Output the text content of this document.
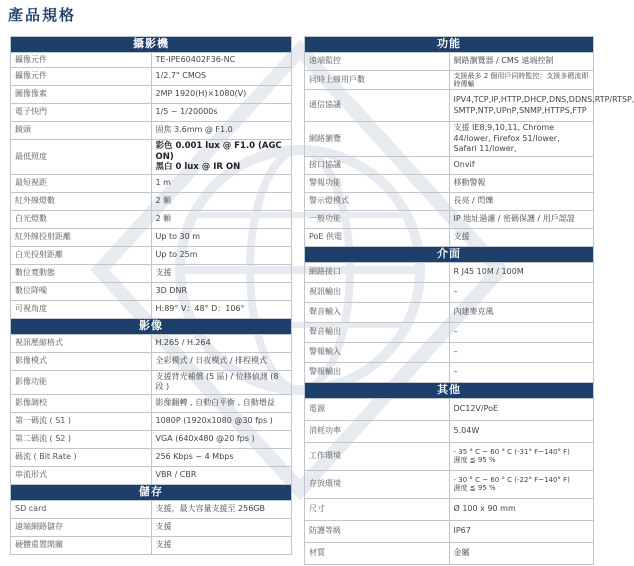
產品規格
攝影機	
攝像元件	TE-IPE60402F36-NC
攝像元件	1/2.7" CMOS
圖像像素	2MP 1920(H)×1080(V)
電子快門	1/5 ~ 1/20000s
鏡頭	固焦 3.6mm @ F1.0
最低照度	彩色 0.001 lux @ F1.0 (AGC ON)
黑白 0 lux @ IR ON

最短視距	1 m
紅外線燈數	2 顆
白光燈數	2 顆
紅外線投射距離	Up to 30 m
白光投射距離	Up to 25m
數位寬動態	支援
數位降噪	3D DNR
可視角度	H:89° V：48° D：106°
影像	
視訊壓縮格式	H.265 / H.264
影像模式	全彩模式 / 日夜模式 / 排程模式
影像功能	支援背光補償 (5 區) / 位移偵測 (8 段 )
影像調校	影像翻轉 , 自動白平衡 , 自動增益
第一碼流 ( S1 )	1080P (1920x1080 @30 fps )
第二碼流 ( S2 )	VGA (640x480 @20 fps )
碼流 ( Bit Rate )	256 Kbps ~ 4 Mbps
串流形式	VBR / CBR
儲存	
SD card	支援，最大容量支援至 256GB
遠端網路儲存	支援
硬體重置開關	支援
功能	
遠端監控	網路瀏覽器 / CMS 遠端控制
同時上線用戶數	支援最多 2 個用戶同時監控；支援多碼流即時傳輸
通信協議	IPV4,TCP,IP,HTTP,DHCP,DNS,DDNS,RTP/RTSP,
SMTP,NTP,UPnP,SNMP,HTTPS,FTP

網路瀏覽	支援 IE8,9,10,11, Chrome 44/lower, Firefox 51/lower,
Safari 11/lower,

接口協議	Onvif
警報功能	移動警報
警示燈模式	長亮 / 閃爍
一般功能	IP 地址過濾 / 密碼保護 / 用戶認證
PoE 供電	支援
介面	
網路接口	R J45 10M / 100M
視訊輸出	–
聲音輸入	內建麥克風
聲音輸出	–
警報輸入	–
警報輸出	–
其他	
電源	DC12V/PoE
消耗功率	5.04W
工作環境	- 35 ° C ~ 60 ° C (-31° F~140° F)
濕度 ≦ 95 %

存放環境	- 30 ° C ~ 60 ° C (-22° F~140° F)
濕度 ≦ 95 %

尺寸	Ø 100 x 90 mm
防護等級	IP67
材質	金屬
